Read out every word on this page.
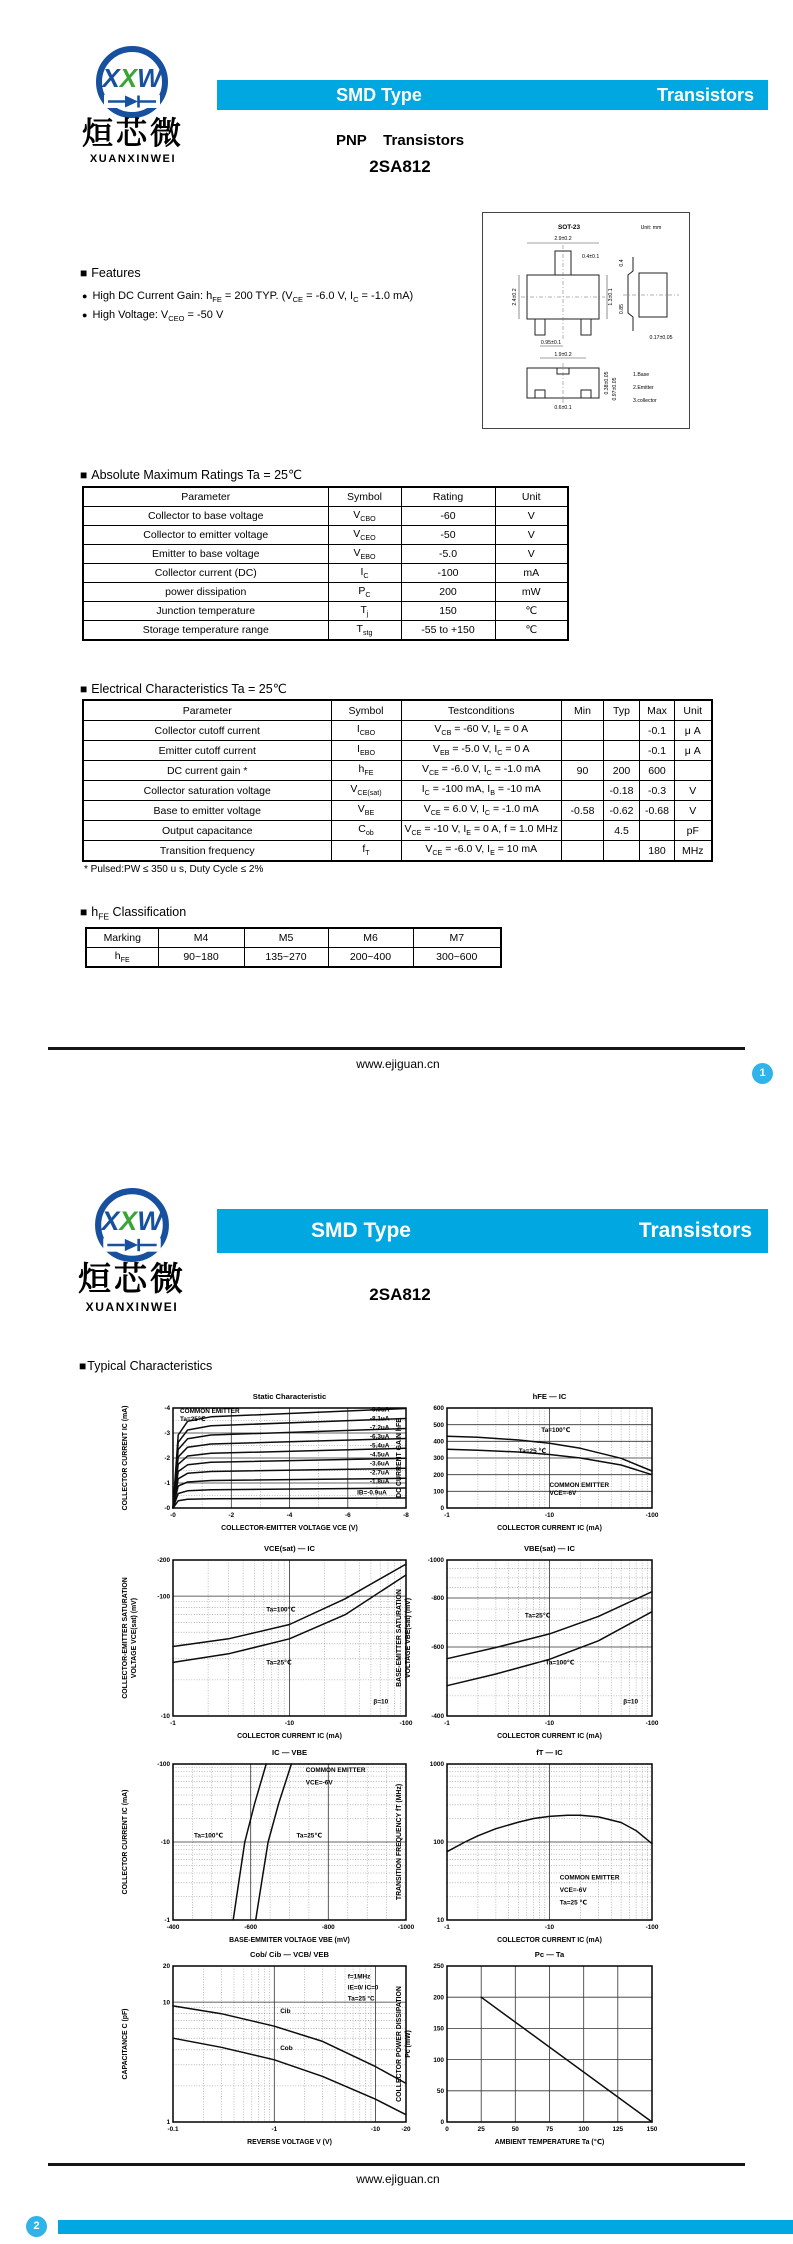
XXW
烜芯微
XUANXINWEI
SMD Type	Transistors
PNP    Transistors
2SA812
SOT-23	Unit: mm
2.9±0.2
0.4±0.1
2.4±0.2	1.3±0.1
0.95±0.1
1.9±0.2
0.4
0.85
0.17±0.05
0.38±0.05 0.97±0.05
0.6±0.1
1.Base
2.Emitter
3.collector
■ Features
● High DC Current Gain: $h_{FE} = 200$ TYP. ($V_{CE} = -6.0$ V, $I_C = -1.0$ mA)
● High Voltage: $V_{CEO} = -50$ V
■ Absolute Maximum Ratings Ta = 25℃
Parameter	Symbol	Rating	Unit
Collector to base voltage	$V_{CBO}$	-60	V
Collector to emitter voltage	$V_{CEO}$	-50	V
Emitter to base voltage	$V_{EBO}$	-5.0	V
Collector current (DC)	$I_C$	-100	mA
power dissipation	$P_C$	200	mW
Junction temperature	$T_j$	150	℃
Storage temperature range	$T_{stg}$	-55 to +150	℃
■ Electrical Characteristics Ta = 25℃
Parameter	Symbol	Testconditions	Min	Typ	Max	Unit
Collector cutoff current	$I_{CBO}$	$V_{CB} = -60$ V, $I_E = 0$ A			-0.1	μ A
Emitter cutoff current	$I_{EBO}$	$V_{EB} = -5.0$ V, $I_C = 0$ A			-0.1	μ A
DC current gain *	$h_{FE}$	$V_{CE} = -6.0$ V, $I_C = -1.0$ mA	90	200	600	
Collector saturation voltage	$V_{CE(sat)}$	$I_C = -100$ mA, $I_B = -10$ mA		-0.18	-0.3	V
Base to emitter voltage	$V_{BE}$	$V_{CE} = 6.0$ V, $I_C = -1.0$ mA	-0.58	-0.62	-0.68	V
Output capacitance	$C_{ob}$	$V_{CE} = -10$ V, $I_E = 0$ A, f = 1.0 MHz		4.5		pF
Transition frequency	$f_T$	$V_{CE} = -6.0$ V, $I_E = 10$ mA			180	MHz
* Pulsed:PW ≤ 350 u s, Duty Cycle ≤ 2%
■ $h_{FE}$ Classification
Marking	M4	M5	M6	M7
$h_{FE}$	90~180	135~270	200~400	300~600
www.ejiguan.cn
1
XXW
烜芯微
XUANXINWEI
SMD Type	Transistors
2SA812
■Typical Characteristics
-0	-2	-4	-6	-8
-0
-1
-2
-3
-4
Static Characteristic
COLLECTOR-EMITTER VOLTAGE VCE (V)
COLLECTOR CURRENT IC (mA)	COMMON EMITTER
Ta=25℃
-9.0uA
-8.1uA
-7.2uA
-6.3uA
-5.4uA
-4.5uA
-3.6uA
-2.7uA
-1.8uA
IB=-0.9uA
-1	-10	-100
0
100
200
300
400
500
600
hFE — IC
COLLECTOR CURRENT IC (mA)
DC CURRENT GAIN hFE	Ta=100℃
Ta=25 ℃
COMMON EMITTER
VCE=-6V
-1	-10	-100
-10
-100
-200
VCE(sat) — IC
COLLECTOR CURRENT IC (mA)
COLLECTOR-EMITTER SATURATION VOLTAGE VCE(sat) (mV)	Ta=100℃
Ta=25℃
β=10
-1	-10	-100
-400
-600
-800
-1000
VBE(sat) — IC
COLLECTOR CURRENT IC (mA)
BASE-EMITTER SATURATION VOLTAGE VBE(sat) (mV)	Ta=25℃
Ta=100℃
β=10
-400	-600	-800	-1000
-1
-10
-100
IC — VBE
BASE-EMMITER VOLTAGE VBE (mV)
COLLECTOR CURRENT IC (mA)	Ta=100℃	Ta=25℃
COMMON EMITTER
VCE=-6V
-1	-10	-100
10
100
1000
fT — IC
COLLECTOR CURRENT IC (mA)
TRANSITION FREQUENCY fT (MHz)	COMMON EMITTER
VCE=-6V
Ta=25 ℃
-0.1	-1	-10	-20
1
10
20
Cob/ Cib — VCB/ VEB
REVERSE VOLTAGE V (V)
CAPACITANCE C (pF)
f=1MHz
IE=0/ IC=0
Ta=25 °C
Cib
Cob
0	25	50	75	100	125	150
0
50
100
150
200
250
Pc — Ta
AMBIENT TEMPERATURE Ta (℃)
COLLECTOR POWER DISSIPATION Pc (mW)
www.ejiguan.cn
2
